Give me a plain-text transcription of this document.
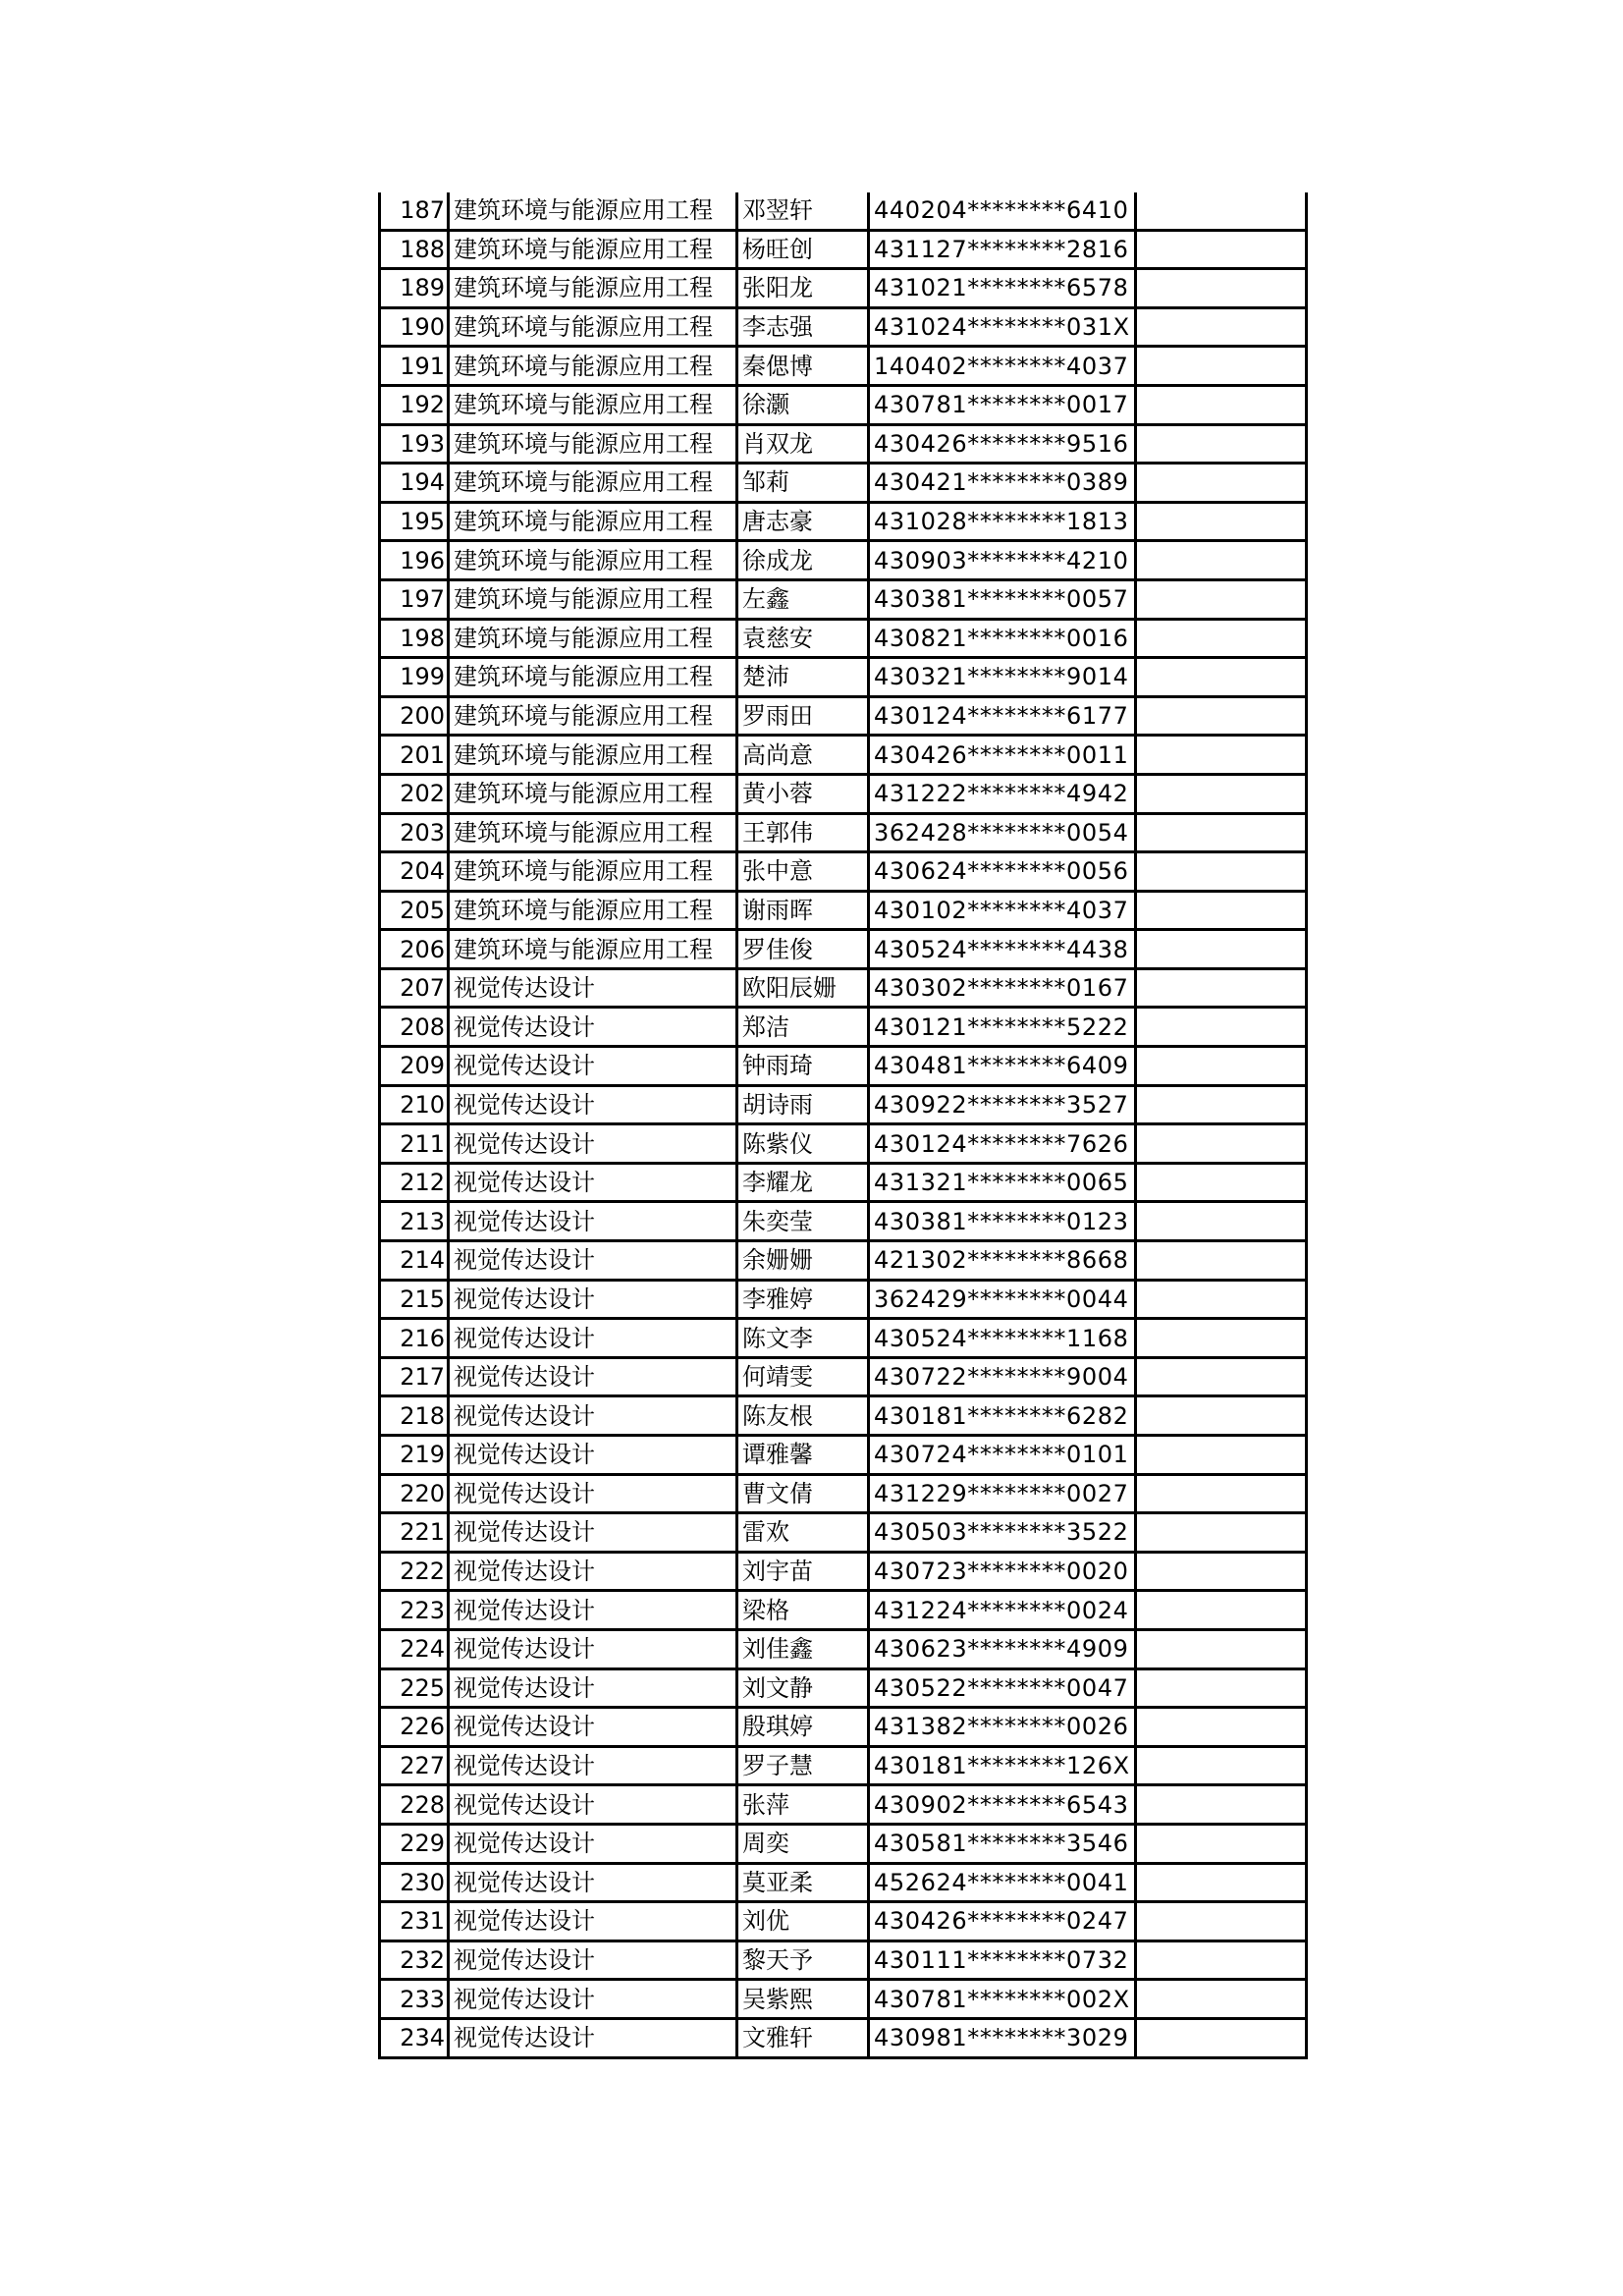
187	建筑环境与能源应用工程	邓翌轩	440204********6410	
188	建筑环境与能源应用工程	杨旺创	431127********2816	
189	建筑环境与能源应用工程	张阳龙	431021********6578	
190	建筑环境与能源应用工程	李志强	431024********031X	
191	建筑环境与能源应用工程	秦偲博	140402********4037	
192	建筑环境与能源应用工程	徐灏	430781********0017	
193	建筑环境与能源应用工程	肖双龙	430426********9516	
194	建筑环境与能源应用工程	邹莉	430421********0389	
195	建筑环境与能源应用工程	唐志豪	431028********1813	
196	建筑环境与能源应用工程	徐成龙	430903********4210	
197	建筑环境与能源应用工程	左鑫	430381********0057	
198	建筑环境与能源应用工程	袁慈安	430821********0016	
199	建筑环境与能源应用工程	楚沛	430321********9014	
200	建筑环境与能源应用工程	罗雨田	430124********6177	
201	建筑环境与能源应用工程	高尚意	430426********0011	
202	建筑环境与能源应用工程	黄小蓉	431222********4942	
203	建筑环境与能源应用工程	王郭伟	362428********0054	
204	建筑环境与能源应用工程	张中意	430624********0056	
205	建筑环境与能源应用工程	谢雨晖	430102********4037	
206	建筑环境与能源应用工程	罗佳俊	430524********4438	
207	视觉传达设计	欧阳辰姗	430302********0167	
208	视觉传达设计	郑洁	430121********5222	
209	视觉传达设计	钟雨琦	430481********6409	
210	视觉传达设计	胡诗雨	430922********3527	
211	视觉传达设计	陈紫仪	430124********7626	
212	视觉传达设计	李耀龙	431321********0065	
213	视觉传达设计	朱奕莹	430381********0123	
214	视觉传达设计	余姗姗	421302********8668	
215	视觉传达设计	李雅婷	362429********0044	
216	视觉传达设计	陈文李	430524********1168	
217	视觉传达设计	何靖雯	430722********9004	
218	视觉传达设计	陈友根	430181********6282	
219	视觉传达设计	谭雅馨	430724********0101	
220	视觉传达设计	曹文倩	431229********0027	
221	视觉传达设计	雷欢	430503********3522	
222	视觉传达设计	刘宇苗	430723********0020	
223	视觉传达设计	梁格	431224********0024	
224	视觉传达设计	刘佳鑫	430623********4909	
225	视觉传达设计	刘文静	430522********0047	
226	视觉传达设计	殷琪婷	431382********0026	
227	视觉传达设计	罗子慧	430181********126X	
228	视觉传达设计	张萍	430902********6543	
229	视觉传达设计	周奕	430581********3546	
230	视觉传达设计	莫亚柔	452624********0041	
231	视觉传达设计	刘优	430426********0247	
232	视觉传达设计	黎天予	430111********0732	
233	视觉传达设计	吴紫熙	430781********002X	
234	视觉传达设计	文雅轩	430981********3029	
